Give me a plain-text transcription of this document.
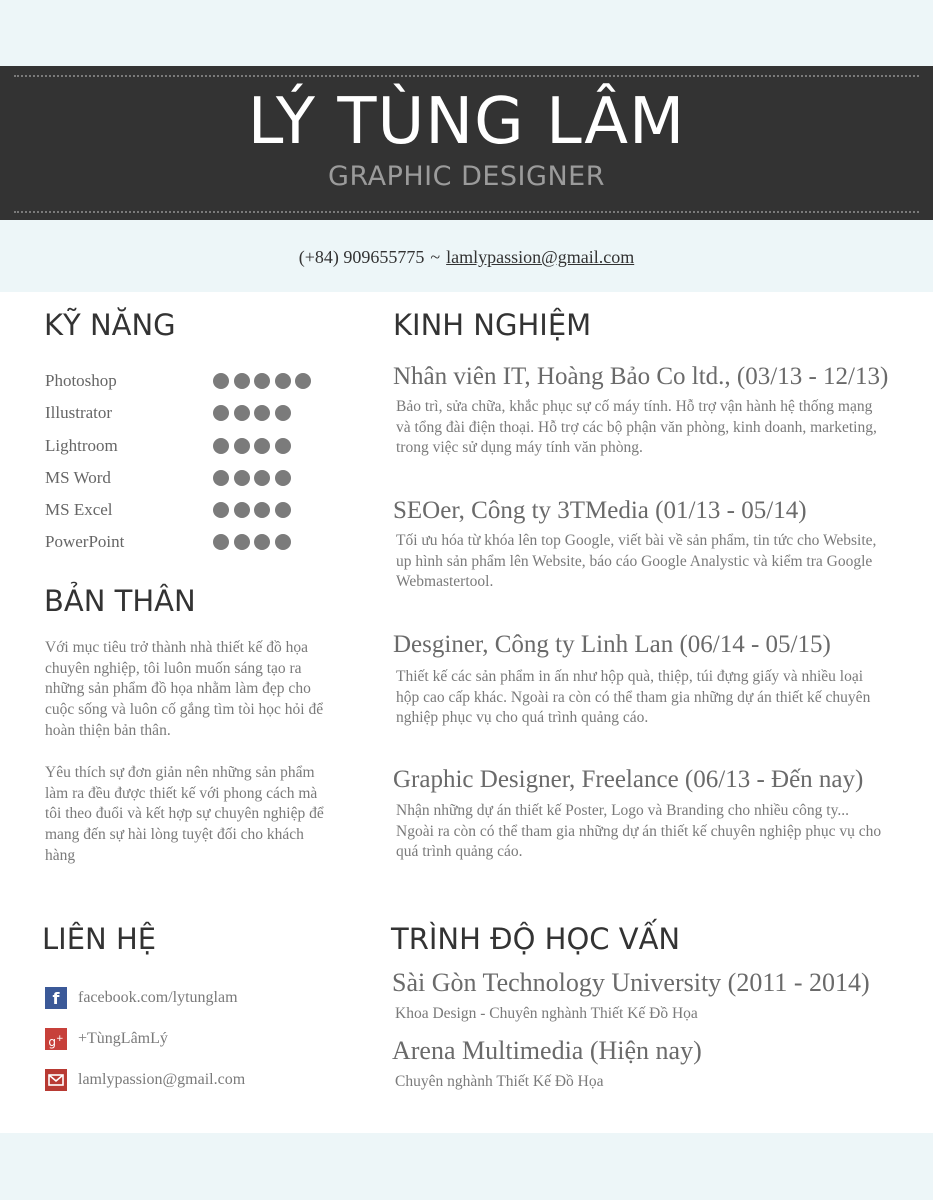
LÝ TÙNG LÂM
GRAPHIC DESIGNER
(+84) 909655775 ~ lamlypassion@gmail.com
KỸ NĂNG
Photoshop
Illustrator
Lightroom
MS Word
MS Excel
PowerPoint
BẢN THÂN

Với mục tiêu trở thành nhà thiết kế đồ họa chuyên nghiệp, tôi luôn muốn sáng tạo ra những sản phẩm đồ họa nhằm làm đẹp cho cuộc sống và luôn cố gắng tìm tòi học hỏi để hoàn thiện bản thân.

Yêu thích sự đơn giản nên những sản phẩm làm ra đều được thiết kế với phong cách mà tôi theo đuổi và kết hợp sự chuyên nghiệp để mang đến sự hài lòng tuyệt đối cho khách hàng

KINH NGHIỆM
Nhân viên IT, Hoàng Bảo Co ltd., (03/13 - 12/13)

Bảo trì, sửa chữa, khắc phục sự cố máy tính. Hỗ trợ vận hành hệ thống mạng và tổng đài điện thoại. Hỗ trợ các bộ phận văn phòng, kinh doanh, marketing, trong việc sử dụng máy tính văn phòng.

SEOer, Công ty 3TMedia (01/13 - 05/14)

Tối ưu hóa từ khóa lên top Google, viết bài về sản phẩm, tin tức cho Website, up hình sản phẩm lên Website, báo cáo Google Analystic và kiểm tra Google Webmastertool.

Desginer, Công ty Linh Lan (06/14 - 05/15)

Thiết kế các sản phẩm in ấn như hộp quà, thiệp, túi đựng giấy và nhiều loại hộp cao cấp khác. Ngoài ra còn có thể tham gia những dự án thiết kế chuyên nghiệp phục vụ cho quá trình quảng cáo.

Graphic Designer, Freelance (06/13 - Đến nay)

Nhận những dự án thiết kế Poster, Logo và Branding cho nhiều công ty... Ngoài ra còn có thể tham gia những dự án thiết kế chuyên nghiệp phục vụ cho quá trình quảng cáo.

LIÊN HỆ
f	facebook.com/lytunglam
g+ +TùngLâmLý
lamlypassion@gmail.com
TRÌNH ĐỘ HỌC VẤN
Sài Gòn Technology University (2011 - 2014)

Khoa Design - Chuyên nghành Thiết Kế Đồ Họa

Arena Multimedia (Hiện nay)

Chuyên nghành Thiết Kế Đồ Họa
